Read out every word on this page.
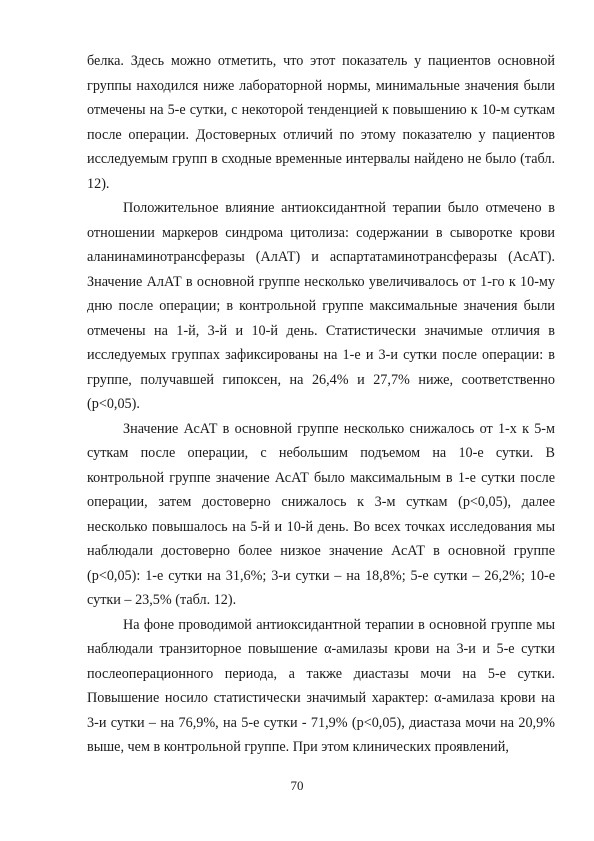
белка. Здесь можно отметить, что этот показатель у пациентов основной группы находился ниже лабораторной нормы, минимальные значения были отмечены на 5-е сутки, с некоторой тенденцией к повышению к 10-м суткам после операции. Достоверных отличий по этому показателю у пациентов исследуемым групп в сходные временные интервалы найдено не было (табл. 12).

Положительное влияние антиоксидантной терапии было отмечено в отношении маркеров синдрома цитолиза: содержании в сыворотке крови аланинаминотрансферазы (АлАТ) и аспартатаминотрансферазы (АсАТ). Значение АлАТ в основной группе несколько увеличивалось от 1-го к 10-му дню после операции; в контрольной группе максимальные значения были отмечены на 1-й, 3-й и 10-й день. Статистически значимые отличия в исследуемых группах зафиксированы на 1-е и 3-и сутки после операции: в группе, получавшей гипоксен, на 26,4% и 27,7% ниже, соответственно (р<0,05).

Значение АсАТ в основной группе несколько снижалось от 1-х к 5-м суткам после операции, с небольшим подъемом на 10-е сутки. В контрольной группе значение АсАТ было максимальным в 1-е сутки после операции, затем достоверно снижалось к 3-м суткам (р<0,05), далее несколько повышалось на 5-й и 10-й день. Во всех точках исследования мы наблюдали достоверно более низкое значение АсАТ в основной группе (р<0,05): 1-е сутки на 31,6%; 3-и сутки – на 18,8%; 5-е сутки – 26,2%; 10-е сутки – 23,5% (табл. 12).

На фоне проводимой антиоксидантной терапии в основной группе мы наблюдали транзиторное повышение α-амилазы крови на 3-и и 5-е сутки послеоперационного периода, а также диастазы мочи на 5-е сутки. Повышение носило статистически значимый характер: α-амилаза крови на 3-и сутки – на 76,9%, на 5-е сутки - 71,9% (р<0,05), диастаза мочи на 20,9% выше, чем в контрольной группе. При этом клинических проявлений,

70
